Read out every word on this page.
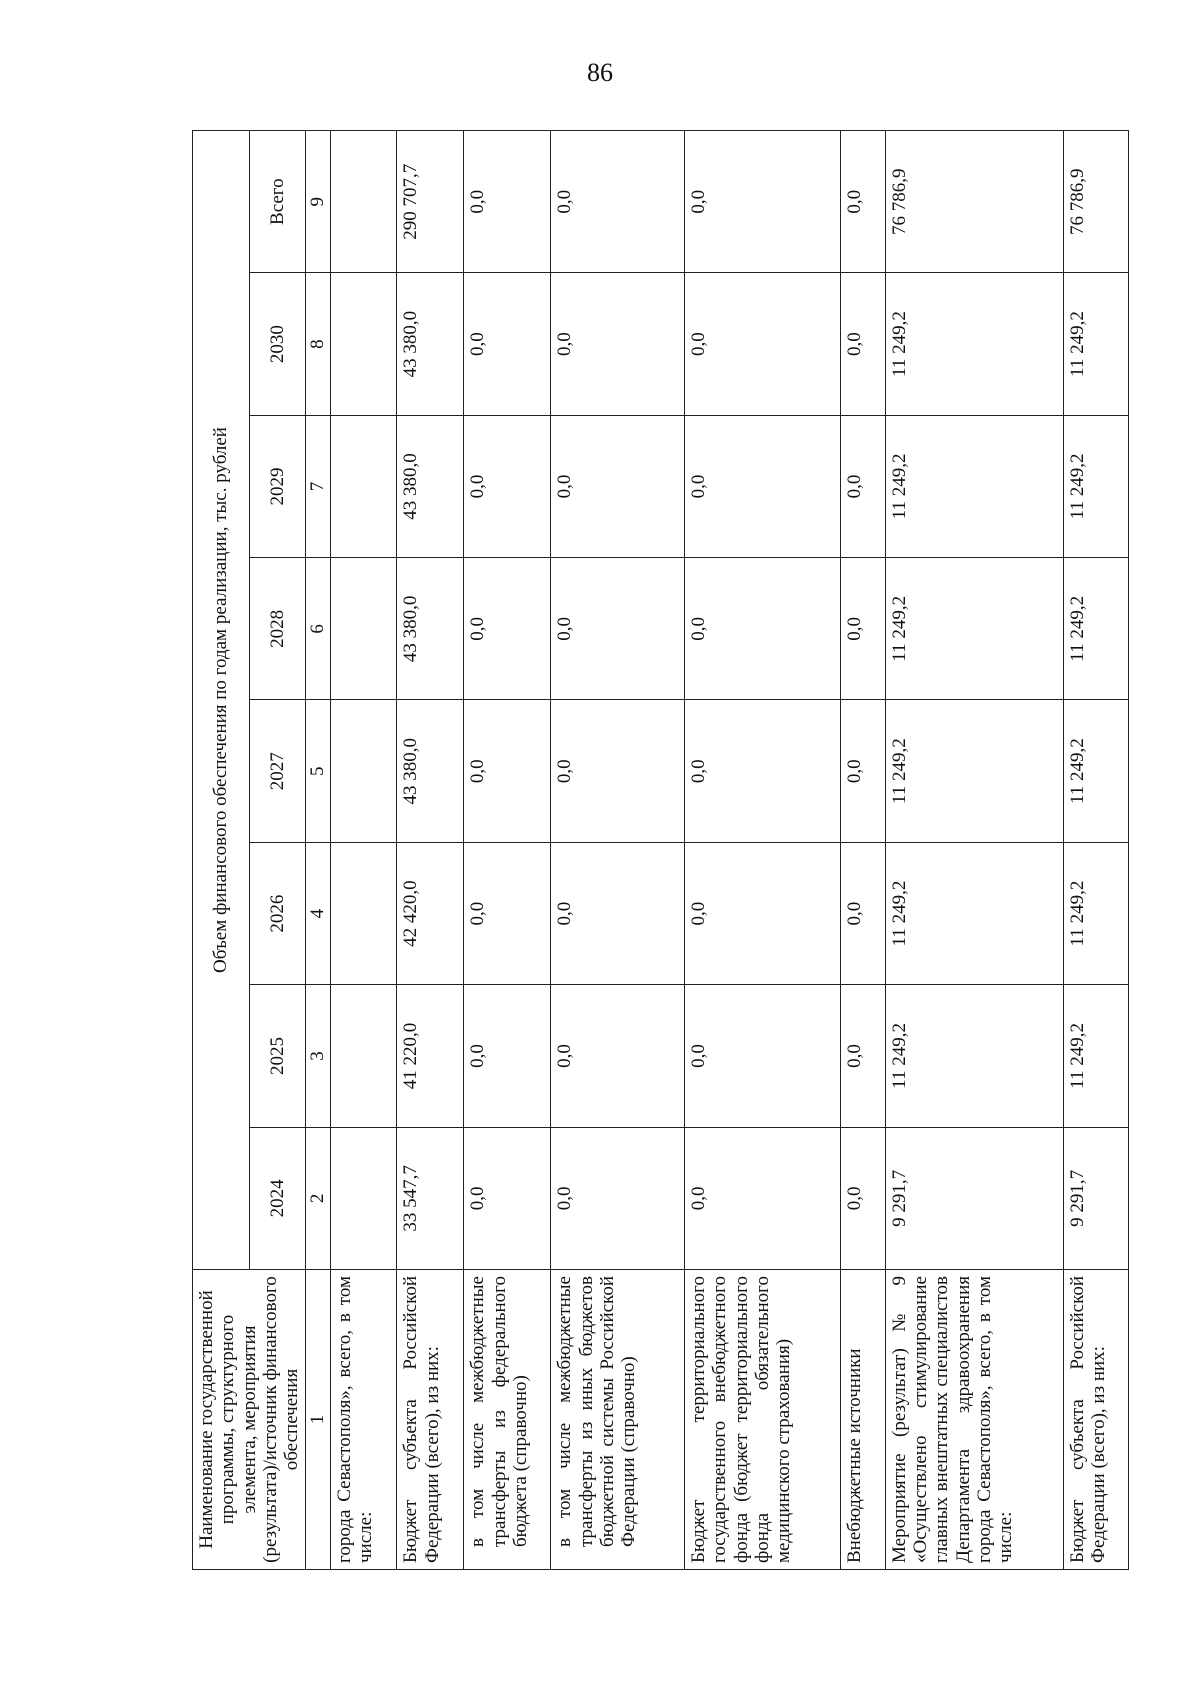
86
Наименование государственной программы, структурного элемента, мероприятия (результата)/источник финансового обеспечения	Объем финансового обеспечения по годам реализации, тыс. рублей							
	2024	2025	2026	2027	2028	2029	2030	Всего
1	2	3	4	5	6	7	8	9
города Севастополя», всего, в том числе:								
Бюджет субъекта Российской Федерации (всего), из них:	33 547,7	41 220,0	42 420,0	43 380,0	43 380,0	43 380,0	43 380,0	290 707,7
в том числе межбюджетные трансферты из федерального бюджета (справочно)	0,0	0,0	0,0	0,0	0,0	0,0	0,0	0,0
в том числе межбюджетные трансферты из иных бюджетов бюджетной системы Российской Федерации (справочно)	0,0	0,0	0,0	0,0	0,0	0,0	0,0	0,0
Бюджет территориального государственного внебюджетного фонда (бюджет территориального фонда обязательного медицинского страхования)	0,0	0,0	0,0	0,0	0,0	0,0	0,0	0,0
Внебюджетные источники	0,0	0,0	0,0	0,0	0,0	0,0	0,0	0,0
Мероприятие (результат) № 9 «Осуществлено стимулирование главных внештатных специалистов Департамента здравоохранения города Севастополя», всего, в том числе:	9 291,7	11 249,2	11 249,2	11 249,2	11 249,2	11 249,2	11 249,2	76 786,9
Бюджет субъекта Российской Федерации (всего), из них:	9 291,7	11 249,2	11 249,2	11 249,2	11 249,2	11 249,2	11 249,2	76 786,9
